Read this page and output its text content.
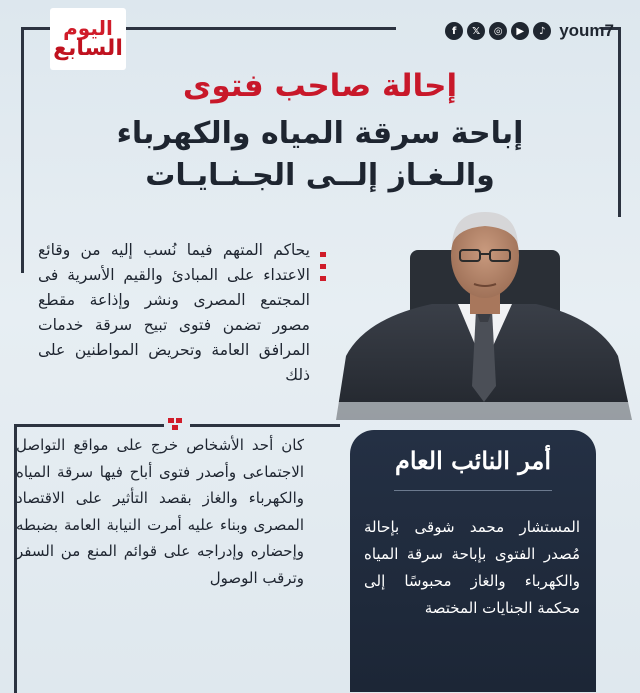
اليوم
السابع
f	𝕏	◎	▶	♪ youm7
إحالة صاحب فتوى
إباحة سرقة المياه والكهرباء
والـغـاز إلــى الجـنـايـات
يحاكم المتهم فيما نُسب إليه من وقائع الاعتداء على المبادئ والقيم الأسرية فى المجتمع المصرى ونشر وإذاعة مقطع مصور تضمن فتوى تبيح سرقة خدمات المرافق العامة وتحريض المواطنين على ذلك
كان أحد الأشخاص خرج على مواقع التواصل الاجتماعى وأصدر فتوى أباح فيها سرقة المياه والكهرباء والغاز بقصد التأثير على الاقتصاد المصرى وبناء عليه أمرت النيابة العامة بضبطه وإحضاره وإدراجه على قوائم المنع من السفر وترقب الوصول
أمر النائب العام
المستشار محمد شوقى بإحالة مُصدر الفتوى بإباحة سرقة المياه والكهرباء والغاز محبوسًا إلى محكمة الجنايات المختصة
